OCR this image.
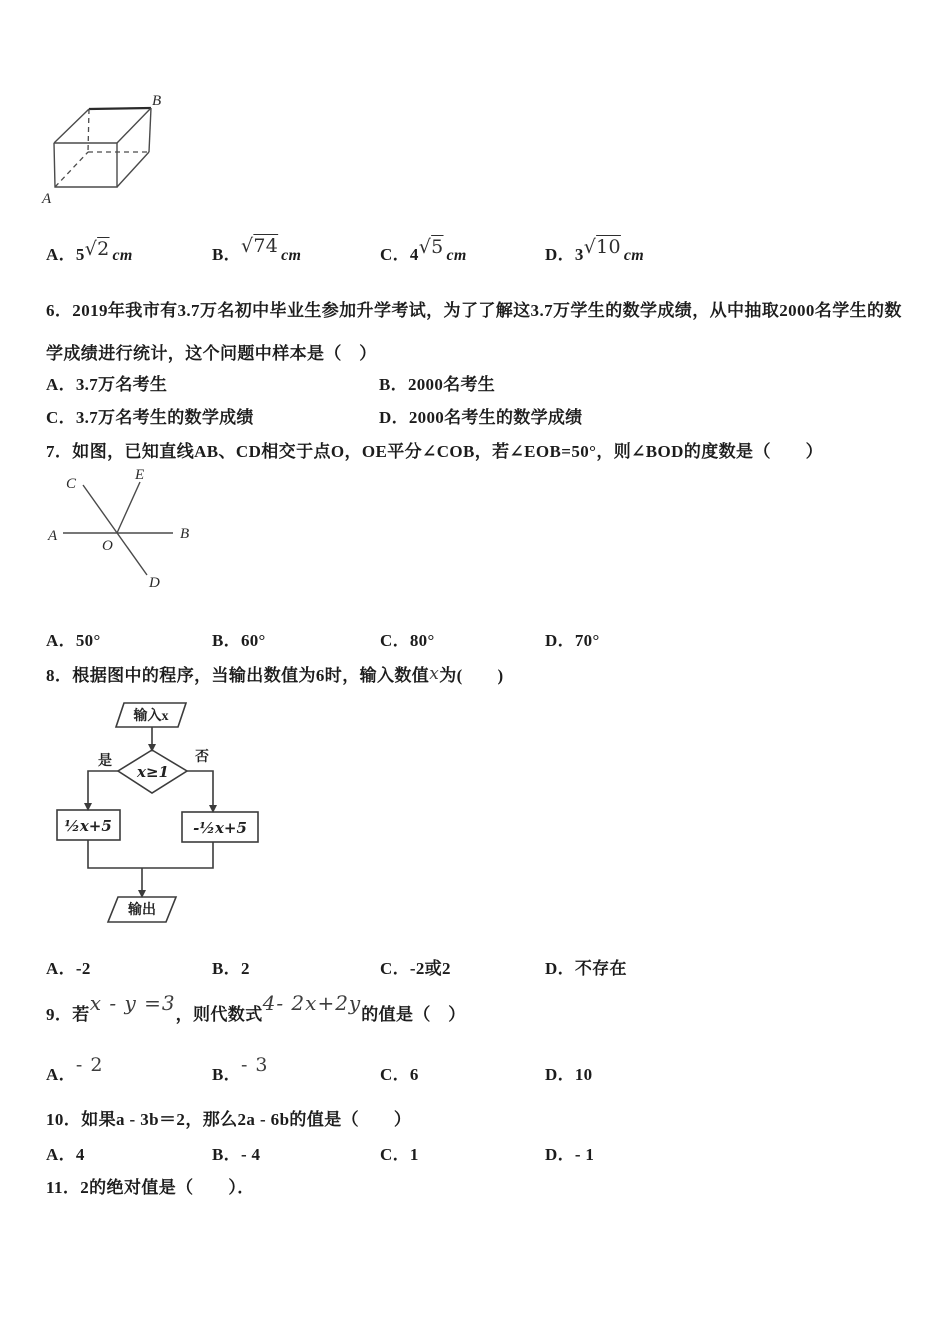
A
B
A．5√2 cm	B．√74 cm	C．4√5 cm	D．3√10 cm
6．2019年我市有3.7万名初中毕业生参加升学考试，为了了解这3.7万学生的数学成绩，从中抽取2000名学生的数
学成绩进行统计，这个问题中样本是（　）
A．3.7万名考生	B．2000名考生
C．3.7万名考生的数学成绩	D．2000名考生的数学成绩
7．如图，已知直线AB、CD相交于点O，OE平分∠COB，若∠EOB=50°，则∠BOD的度数是（　　）
A	B
C
D
E
O
A．50°	B．60°	C．80°	D．70°
8．根据图中的程序，当输出数值为6时，输入数值x为(　　)
输入x
x≥1
是	否
½x+5	-½x+5
输出
A．-2	B．2	C．-2或2	D．不存在
9．若x - y =3，则代数式4- 2x+2y的值是（　）
A．- 2	B．- 3	C．6	D．10
10．如果a - 3b＝2，那么2a - 6b的值是（　　）
A．4	B．- 4	C．1	D．- 1
11．2的绝对值是（　　）．
